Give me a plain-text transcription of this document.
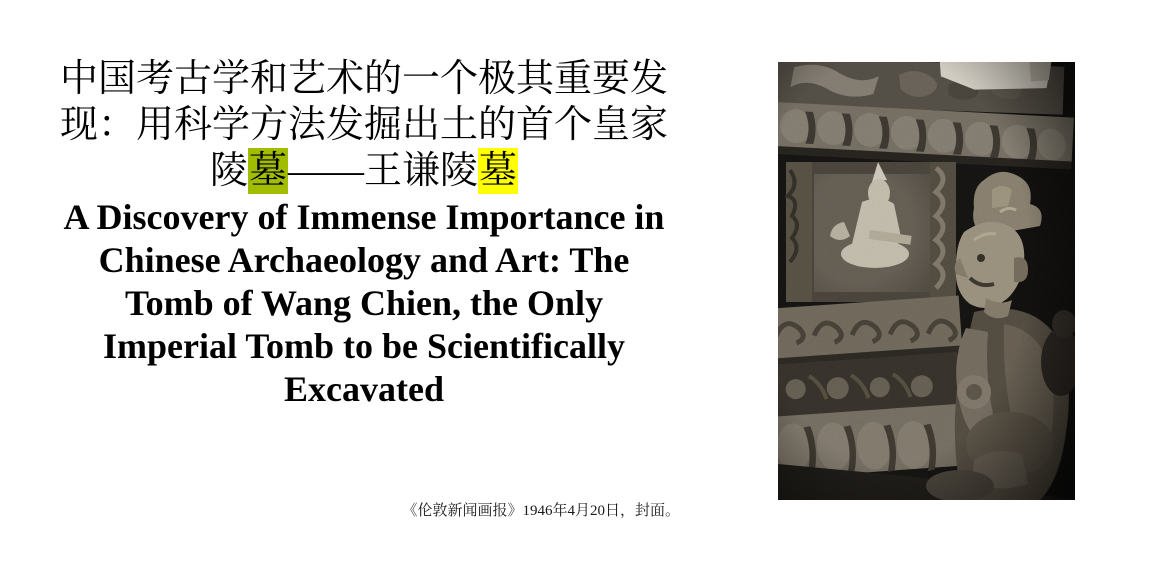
中国考古学和艺术的一个极其重要发
现：用科学方法发掘出土的首个皇家
陵墓——王谦陵墓
A Discovery of Immense Importance in
Chinese Archaeology and Art: The
Tomb of Wang Chien, the Only
Imperial Tomb to be Scientifically
Excavated
《伦敦新闻画报》1946年4月20日，封面。
